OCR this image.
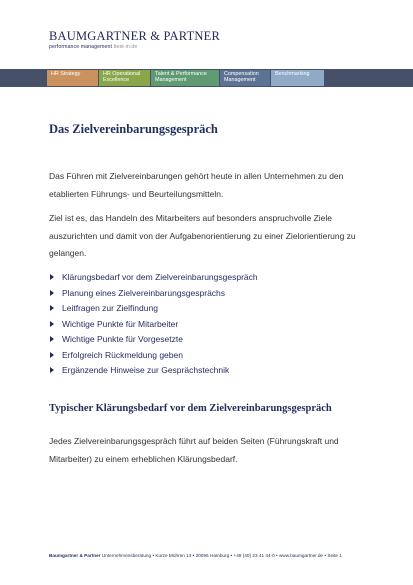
BAUMGARTNER & PARTNER
performance management best-in.de
HR Strategy	HR Operational Excellence
Talent & Performance Management
Compensation Management
Benchmarking
Das Zielvereinbarungsgespräch

Das Führen mit Zielvereinbarungen gehört heute in allen Unternehmen zu den etablierten Führungs- und Beurteilungsmitteln.

Ziel ist es, das Handeln des Mitarbeiters auf besonders anspruchvolle Ziele auszurichten und damit von der Aufgabenorientierung zu einer Zielorientierung zu gelangen.

Klärungsbedarf vor dem Zielvereinbarungsgespräch
Planung eines Zielvereinbarungsgesprächs
Leitfragen zur Zielfindung
Wichtige Punkte für Mitarbeiter
Wichtige Punkte für Vorgesetzte
Erfolgreich Rückmeldung geben
Ergänzende Hinweise zur Gesprächstechnik
Typischer Klärungsbedarf vor dem Zielvereinbarungsgespräch

Jedes Zielvereinbarungsgespräch führt auf beiden Seiten (Führungskraft und Mitarbeiter) zu einem erheblichen Klärungsbedarf.

Baumgartner & Partner Unternehmensberatung • Kurze Mühren 13 • 20095 Hamburg • +49 (40) 23 41 44-0 • www.baumgartner.de • Seite 1
